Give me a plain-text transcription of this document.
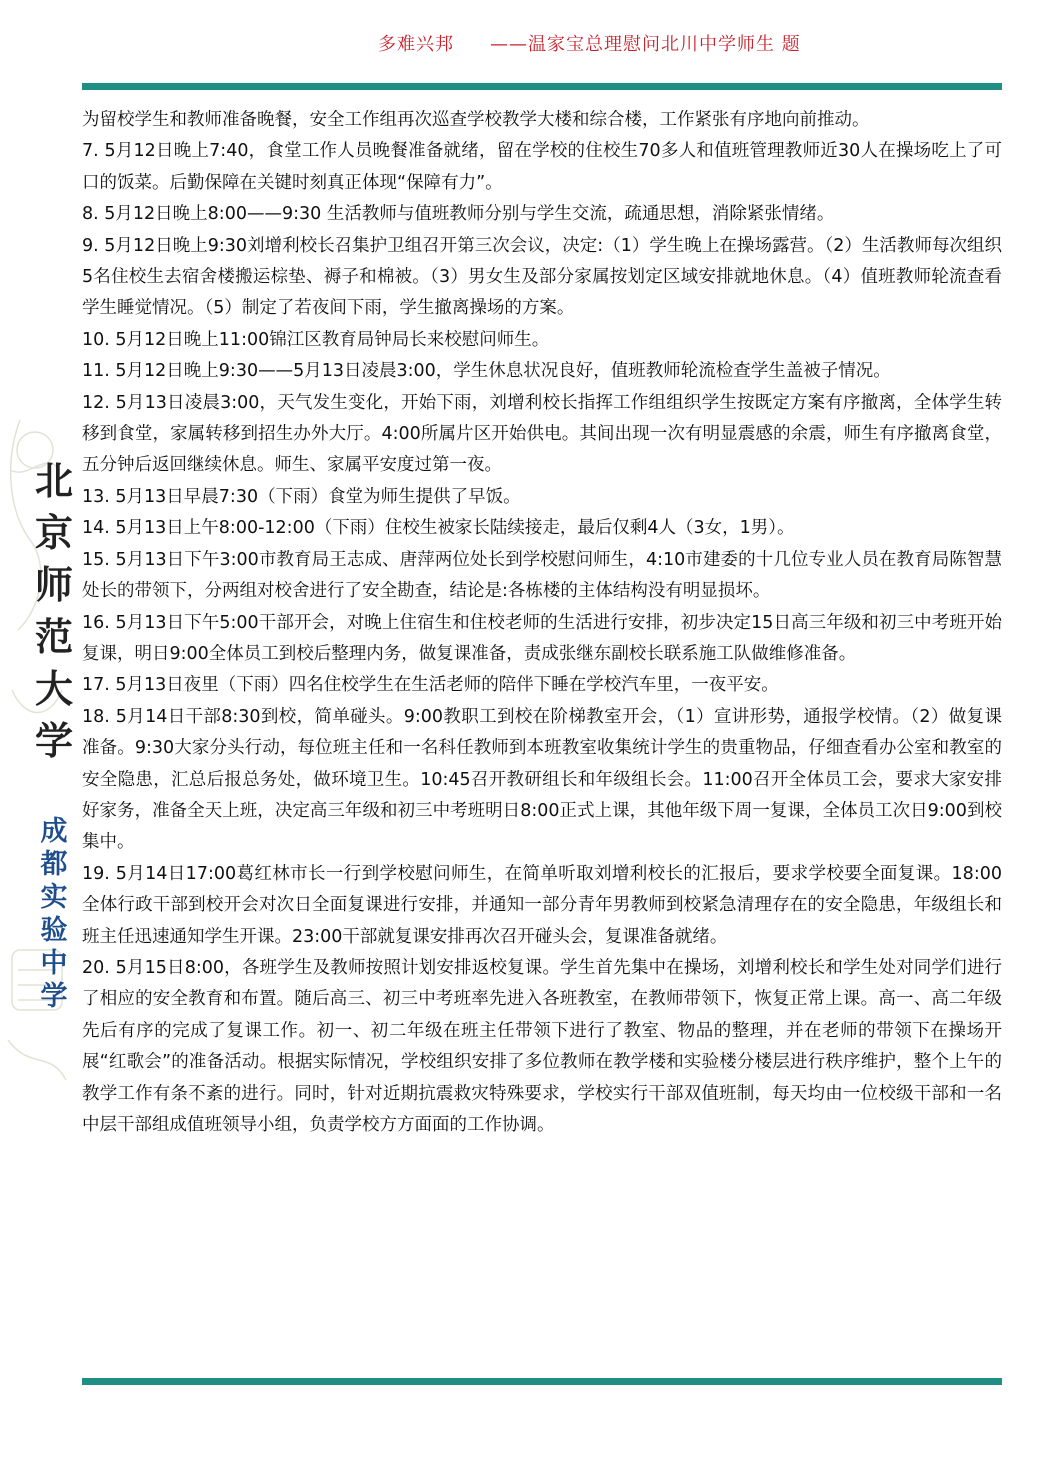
多难兴邦 ——温家宝总理慰问北川中学师生 题
北京师范大学
成都实验中学

为留校学生和教师准备晚餐，安全工作组再次巡查学校教学大楼和综合楼，工作紧张有序地向前推动。

7. 5月12日晚上7:40，食堂工作人员晚餐准备就绪，留在学校的住校生70多人和值班管理教师近30人在操场吃上了可口的饭菜。后勤保障在关键时刻真正体现“保障有力”。

8. 5月12日晚上8:00——9:30 生活教师与值班教师分别与学生交流，疏通思想，消除紧张情绪。

9. 5月12日晚上9:30刘增利校长召集护卫组召开第三次会议，决定:（1）学生晚上在操场露营。（2）生活教师每次组织5名住校生去宿舍楼搬运棕垫、褥子和棉被。（3）男女生及部分家属按划定区域安排就地休息。（4）值班教师轮流查看学生睡觉情况。（5）制定了若夜间下雨，学生撤离操场的方案。

10. 5月12日晚上11:00锦江区教育局钟局长来校慰问师生。

11. 5月12日晚上9:30——5月13日凌晨3:00，学生休息状况良好，值班教师轮流检查学生盖被子情况。

12. 5月13日凌晨3:00，天气发生变化，开始下雨，刘增利校长指挥工作组组织学生按既定方案有序撤离，全体学生转移到食堂，家属转移到招生办外大厅。4:00所属片区开始供电。其间出现一次有明显震感的余震，师生有序撤离食堂，五分钟后返回继续休息。师生、家属平安度过第一夜。

13. 5月13日早晨7:30（下雨）食堂为师生提供了早饭。

14. 5月13日上午8:00-12:00（下雨）住校生被家长陆续接走，最后仅剩4人（3女，1男）。

15. 5月13日下午3:00市教育局王志成、唐萍两位处长到学校慰问师生，4:10市建委的十几位专业人员在教育局陈智慧处长的带领下，分两组对校舍进行了安全勘查，结论是:各栋楼的主体结构没有明显损坏。

16. 5月13日下午5:00干部开会，对晚上住宿生和住校老师的生活进行安排，初步决定15日高三年级和初三中考班开始复课，明日9:00全体员工到校后整理内务，做复课准备，责成张继东副校长联系施工队做维修准备。

17. 5月13日夜里（下雨）四名住校学生在生活老师的陪伴下睡在学校汽车里，一夜平安。

18. 5月14日干部8:30到校，简单碰头。9:00教职工到校在阶梯教室开会，（1）宣讲形势，通报学校情。（2）做复课准备。9:30大家分头行动，每位班主任和一名科任教师到本班教室收集统计学生的贵重物品，仔细查看办公室和教室的安全隐患，汇总后报总务处，做环境卫生。10:45召开教研组长和年级组长会。11:00召开全体员工会，要求大家安排好家务，准备全天上班，决定高三年级和初三中考班明日8:00正式上课，其他年级下周一复课，全体员工次日9:00到校集中。

19. 5月14日17:00葛红林市长一行到学校慰问师生，在简单听取刘增利校长的汇报后，要求学校要全面复课。18:00全体行政干部到校开会对次日全面复课进行安排，并通知一部分青年男教师到校紧急清理存在的安全隐患，年级组长和班主任迅速通知学生开课。23:00干部就复课安排再次召开碰头会，复课准备就绪。

20. 5月15日8:00，各班学生及教师按照计划安排返校复课。学生首先集中在操场，刘增利校长和学生处对同学们进行了相应的安全教育和布置。随后高三、初三中考班率先进入各班教室，在教师带领下，恢复正常上课。高一、高二年级先后有序的完成了复课工作。初一、初二年级在班主任带领下进行了教室、物品的整理，并在老师的带领下在操场开展“红歌会”的准备活动。根据实际情况，学校组织安排了多位教师在教学楼和实验楼分楼层进行秩序维护，整个上午的教学工作有条不紊的进行。同时，针对近期抗震救灾特殊要求，学校实行干部双值班制，每天均由一位校级干部和一名中层干部组成值班领导小组，负责学校方方面面的工作协调。
